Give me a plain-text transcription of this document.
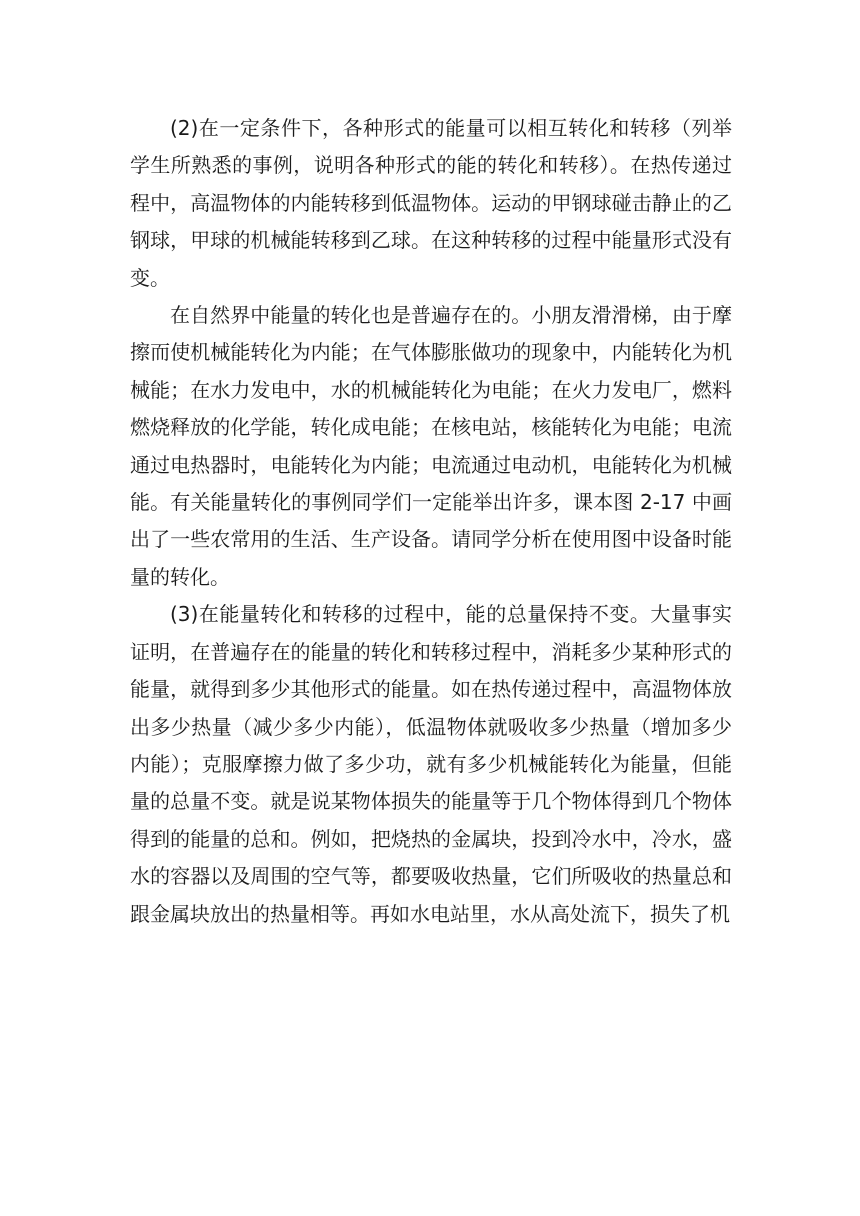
(2)在一定条件下，各种形式的能量可以相互转化和转移（列举学生所熟悉的事例，说明各种形式的能的转化和转移）。在热传递过程中，高温物体的内能转移到低温物体。运动的甲钢球碰击静止的乙钢球，甲球的机械能转移到乙球。在这种转移的过程中能量形式没有变。

在自然界中能量的转化也是普遍存在的。小朋友滑滑梯，由于摩擦而使机械能转化为内能；在气体膨胀做功的现象中，内能转化为机械能；在水力发电中，水的机械能转化为电能；在火力发电厂，燃料燃烧释放的化学能，转化成电能；在核电站，核能转化为电能；电流通过电热器时，电能转化为内能；电流通过电动机，电能转化为机械能。有关能量转化的事例同学们一定能举出许多，课本图 2-17 中画出了一些农常用的生活、生产设备。请同学分析在使用图中设备时能量的转化。

(3)在能量转化和转移的过程中，能的总量保持不变。大量事实证明，在普遍存在的能量的转化和转移过程中，消耗多少某种形式的能量，就得到多少其他形式的能量。如在热传递过程中，高温物体放出多少热量（减少多少内能），低温物体就吸收多少热量（增加多少内能）；克服摩擦力做了多少功，就有多少机械能转化为能量，但能量的总量不变。就是说某物体损失的能量等于几个物体得到几个物体得到的能量的总和。例如，把烧热的金属块，投到冷水中，冷水，盛水的容器以及周围的空气等，都要吸收热量，它们所吸收的热量总和跟金属块放出的热量相等。再如水电站里，水从高处流下，损失了机
